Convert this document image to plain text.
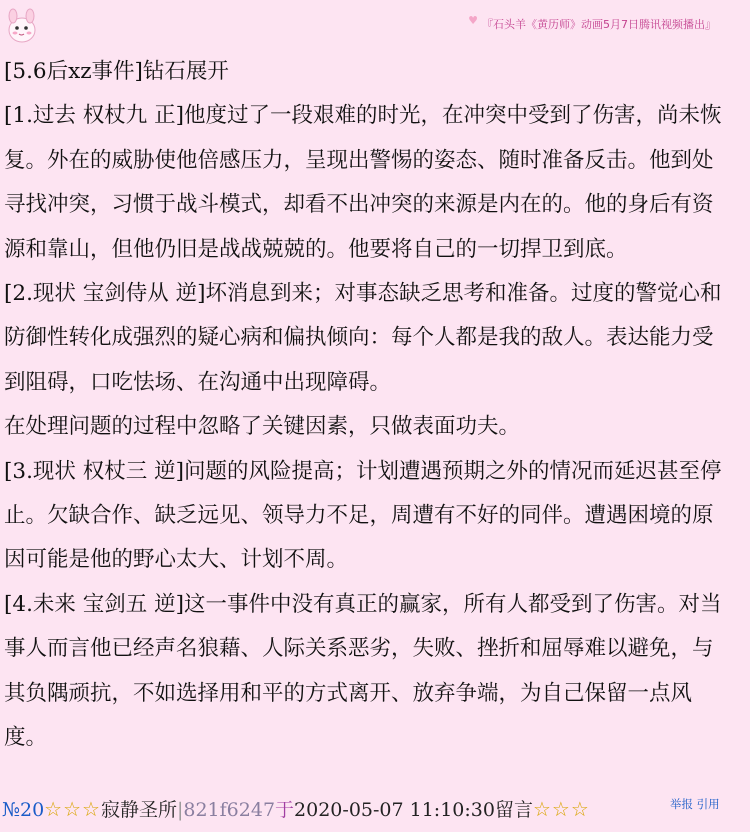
♥ 『石头羊《黄历师》动画5月7日腾讯视频播出』

[5.6后xz事件]钻石展开

[1.过去 权杖九 正]他度过了一段艰难的时光，在冲突中受到了伤害，尚未恢复。外在的威胁使他倍感压力，呈现出警惕的姿态、随时准备反击。他到处寻找冲突，习惯于战斗模式，却看不出冲突的来源是内在的。他的身后有资源和靠山，但他仍旧是战战兢兢的。他要将自己的一切捍卫到底。

[2.现状 宝剑侍从 逆]坏消息到来；对事态缺乏思考和准备。过度的警觉心和防御性转化成强烈的疑心病和偏执倾向：每个人都是我的敌人。表达能力受到阻碍，口吃怯场、在沟通中出现障碍。

在处理问题的过程中忽略了关键因素，只做表面功夫。

[3.现状 权杖三 逆]问题的风险提高；计划遭遇预期之外的情况而延迟甚至停止。欠缺合作、缺乏远见、领导力不足，周遭有不好的同伴。遭遇困境的原因可能是他的野心太大、计划不周。

[4.未来 宝剑五 逆]这一事件中没有真正的赢家，所有人都受到了伤害。对当事人而言他已经声名狼藉、人际关系恶劣，失败、挫折和屈辱难以避免，与其负隅顽抗，不如选择用和平的方式离开、放弃争端，为自己保留一点风度。

№20☆☆☆寂静圣所|821f6247于2020-05-07 11:10:30留言☆☆☆	举报 引用
